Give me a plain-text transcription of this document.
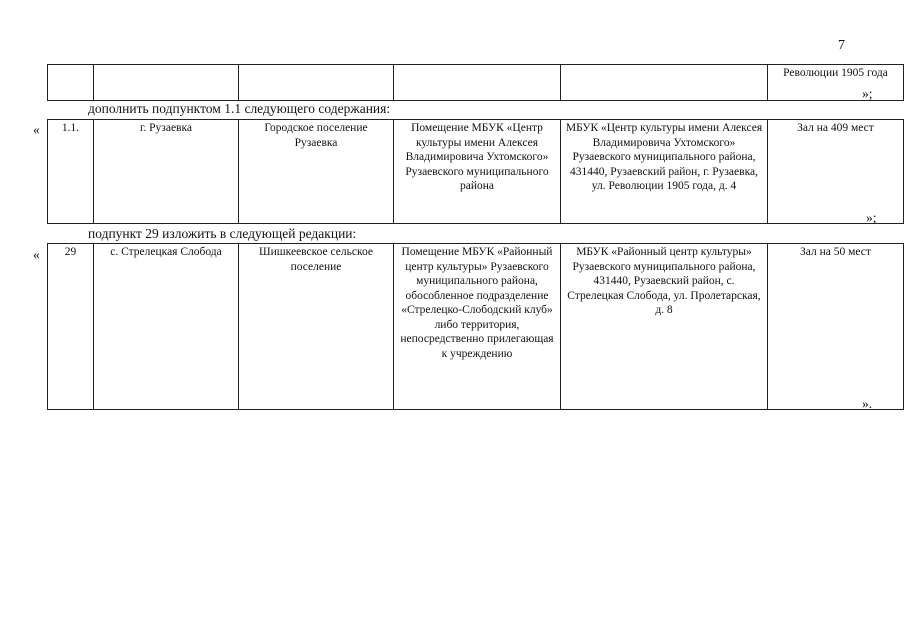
7
					Революции 1905 года
»;
дополнить подпунктом 1.1 следующего содержания:
« 1.1.	г. Рузаевка	Городское поселение Рузаевка	Помещение МБУК «Центр культуры имени Алексея Владимировича Ухтомского» Рузаевского муниципального района	МБУК «Центр культуры имени Алексея Владимировича Ухтомского» Рузаевского муниципального района, 431440, Рузаевский район, г. Рузаевка, ул. Революции 1905 года, д. 4	Зал на 409 мест
»;
подпункт 29 изложить в следующей редакции:
« 29	с. Стрелецкая Слобода	Шишкеевское сельское поселение	Помещение МБУК «Районный центр культуры» Рузаевского муниципального района, обособленное подразделение «Стрелецко-Слободский клуб» либо территория, непосредственно прилегающая к учреждению	МБУК «Районный центр культуры» Рузаевского муниципального района, 431440, Рузаевский район, с. Стрелецкая Слобода, ул. Пролетарская, д. 8	Зал на 50 мест
».
